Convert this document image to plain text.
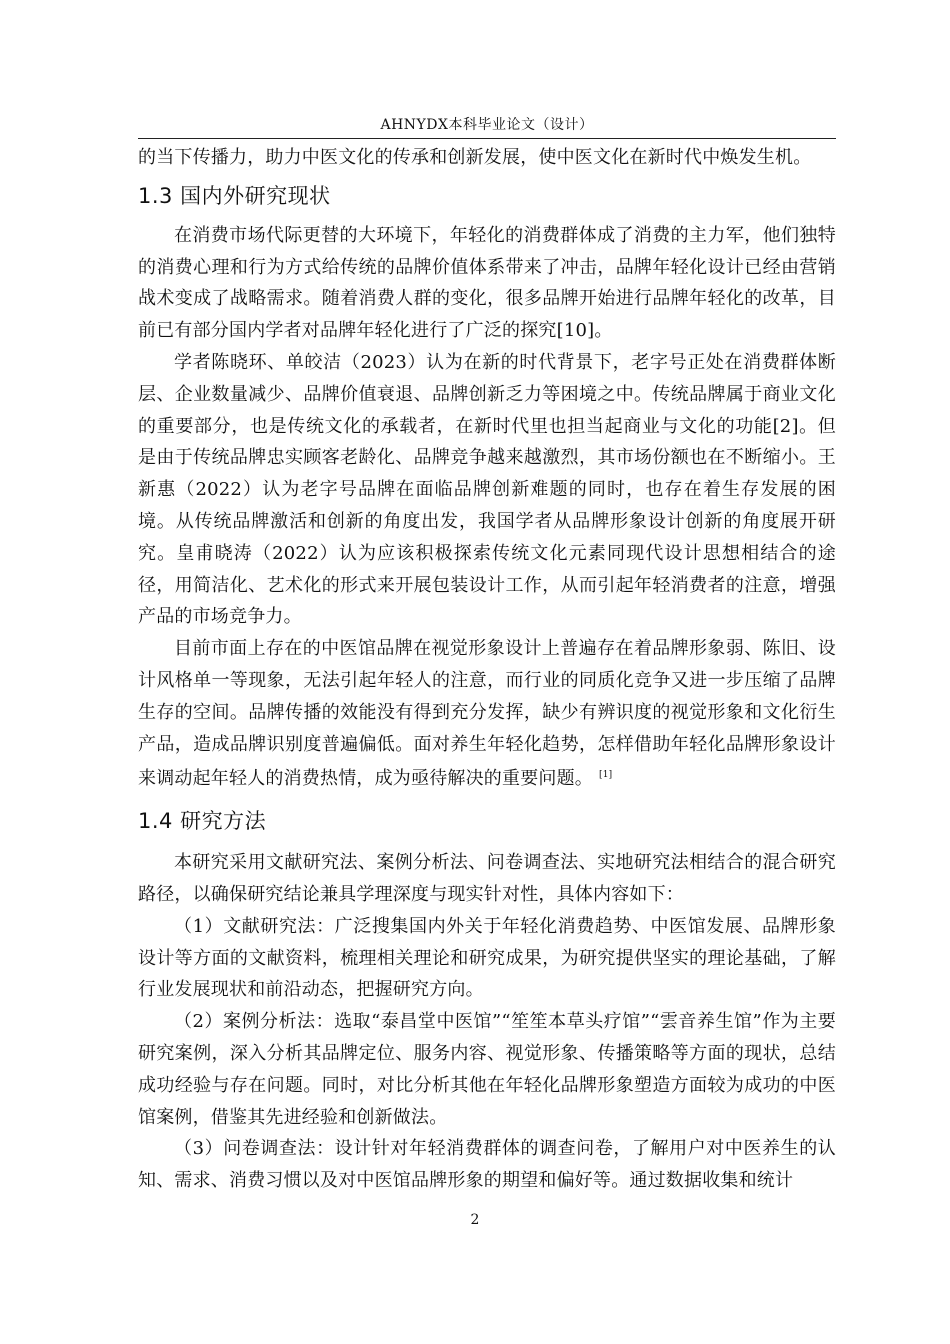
AHNYDX本科毕业论文（设计）

的当下传播力，助力中医文化的传承和创新发展，使中医文化在新时代中焕发生机。

1.3 国内外研究现状

在消费市场代际更替的大环境下，年轻化的消费群体成了消费的主力军，他们独特的消费心理和行为方式给传统的品牌价值体系带来了冲击，品牌年轻化设计已经由营销战术变成了战略需求。随着消费人群的变化，很多品牌开始进行品牌年轻化的改革，目前已有部分国内学者对品牌年轻化进行了广泛的探究[10]。

学者陈晓环、单皎洁（2023）认为在新的时代背景下，老字号正处在消费群体断层、企业数量减少、品牌价值衰退、品牌创新乏力等困境之中。传统品牌属于商业文化的重要部分，也是传统文化的承载者，在新时代里也担当起商业与文化的功能[2]。但是由于传统品牌忠实顾客老龄化、品牌竞争越来越激烈，其市场份额也在不断缩小。王新惠（2022）认为老字号品牌在面临品牌创新难题的同时，也存在着生存发展的困境。从传统品牌激活和创新的角度出发，我国学者从品牌形象设计创新的角度展开研究。皇甫晓涛（2022）认为应该积极探索传统文化元素同现代设计思想相结合的途径，用简洁化、艺术化的形式来开展包装设计工作，从而引起年轻消费者的注意，增强产品的市场竞争力。

目前市面上存在的中医馆品牌在视觉形象设计上普遍存在着品牌形象弱、陈旧、设计风格单一等现象，无法引起年轻人的注意，而行业的同质化竞争又进一步压缩了品牌生存的空间。品牌传播的效能没有得到充分发挥，缺少有辨识度的视觉形象和文化衍生产品，造成品牌识别度普遍偏低。面对养生年轻化趋势，怎样借助年轻化品牌形象设计来调动起年轻人的消费热情，成为亟待解决的重要问题。 [1]

1.4 研究方法

本研究采用文献研究法、案例分析法、问卷调查法、实地研究法相结合的混合研究路径，以确保研究结论兼具学理深度与现实针对性，具体内容如下：

（1）文献研究法：广泛搜集国内外关于年轻化消费趋势、中医馆发展、品牌形象设计等方面的文献资料，梳理相关理论和研究成果，为研究提供坚实的理论基础，了解行业发展现状和前沿动态，把握研究方向。

（2）案例分析法：选取“泰昌堂中医馆”“笙笙本草头疗馆”“雲音养生馆”作为主要研究案例，深入分析其品牌定位、服务内容、视觉形象、传播策略等方面的现状，总结成功经验与存在问题。同时，对比分析其他在年轻化品牌形象塑造方面较为成功的中医馆案例，借鉴其先进经验和创新做法。

（3）问卷调查法：设计针对年轻消费群体的调查问卷，了解用户对中医养生的认知、需求、消费习惯以及对中医馆品牌形象的期望和偏好等。通过数据收集和统计

2
